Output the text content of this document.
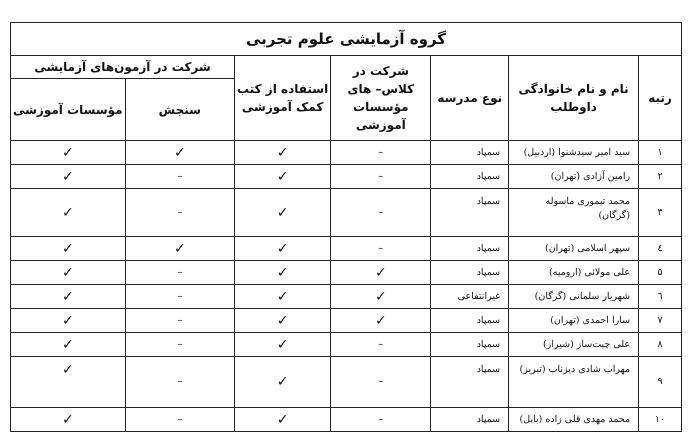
گروه آزمایشی علوم تجربی						
رتبه	نام و نام خانوادگی داوطلب	نوع مدرسه	شرکت در کلاس– های مؤسسات آموزشی	استفاده از کتب کمک آموزشی	شرکت در آزمون‌های آزمایشی	
					سنجش	مؤسسات آموزشی
۱	سید امیر سیدشنوا (اردبیل)	سمپاد	–	✓	✓	✓
۲	رامین آزادی (تهران)	سمپاد	–	✓	–	✓
۳	محمد تیموری ماسوله (گرگان)	سمپاد	–	✓	–	✓
٤	سپهر اسلامی (تهران)	سمپاد	–	✓	✓	✓
۵	علی مولائی (ارومیه)	سمپاد	✓	✓	–	✓
٦	شهریار سلمانی (گرگان)	غیرانتفاعی	✓	✓	–	✓
۷	سارا احمدی (تهران)	سمپاد	✓	✓	–	✓
۸	علی چیت‌ساز (شیراز)	سمپاد	–	✓	–	✓
۹	مهراب شادی دیزناب (تبریز)	سمپاد	–	✓	–	✓
۱۰	محمد مهدی قلی زاده (بابل)	سمپاد	–	✓	–	✓
